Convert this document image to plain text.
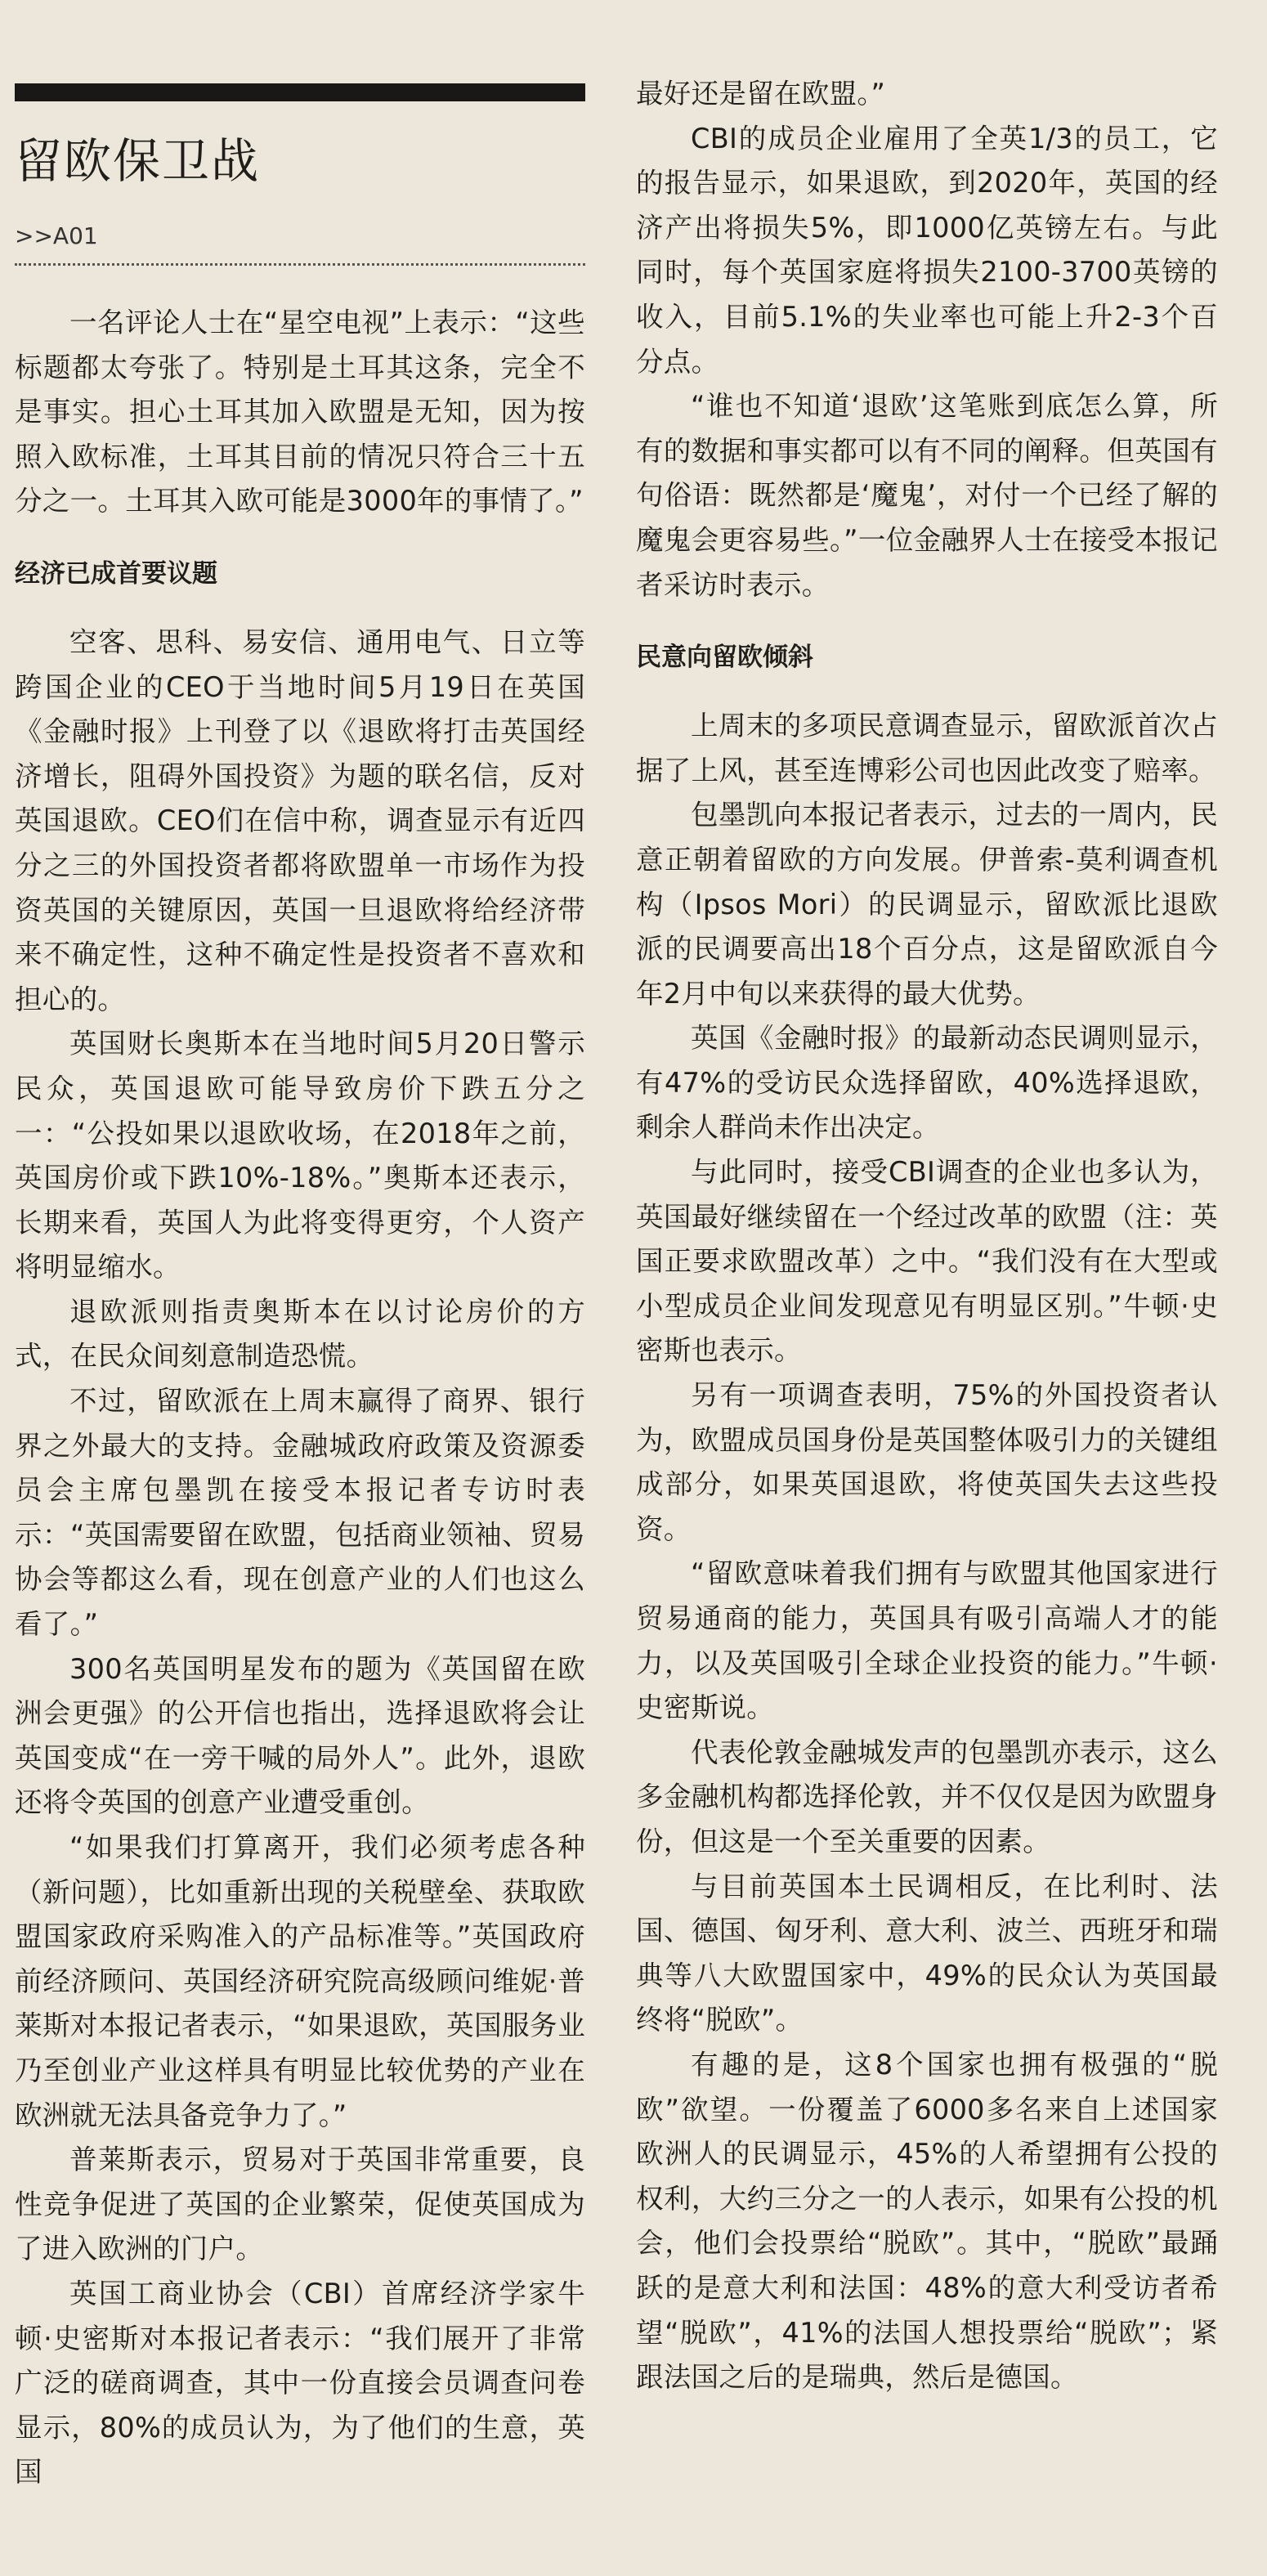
留欧保卫战
>>A01

一名评论人士在“星空电视”上表示：“这些标题都太夸张了。特别是土耳其这条，完全不是事实。担心土耳其加入欧盟是无知，因为按照入欧标准，土耳其目前的情况只符合三十五分之一。土耳其入欧可能是3000年的事情了。”

经济已成首要议题

空客、思科、易安信、通用电气、日立等跨国企业的CEO于当地时间5月19日在英国《金融时报》上刊登了以《退欧将打击英国经济增长，阻碍外国投资》为题的联名信，反对英国退欧。CEO们在信中称，调查显示有近四分之三的外国投资者都将欧盟单一市场作为投资英国的关键原因，英国一旦退欧将给经济带来不确定性，这种不确定性是投资者不喜欢和担心的。

英国财长奥斯本在当地时间5月20日警示民众，英国退欧可能导致房价下跌五分之一：“公投如果以退欧收场，在2018年之前，英国房价或下跌10%-18%。”奥斯本还表示，长期来看，英国人为此将变得更穷，个人资产将明显缩水。

退欧派则指责奥斯本在以讨论房价的方式，在民众间刻意制造恐慌。

不过，留欧派在上周末赢得了商界、银行界之外最大的支持。金融城政府政策及资源委员会主席包墨凯在接受本报记者专访时表示：“英国需要留在欧盟，包括商业领袖、贸易协会等都这么看，现在创意产业的人们也这么看了。”

300名英国明星发布的题为《英国留在欧洲会更强》的公开信也指出，选择退欧将会让英国变成“在一旁干喊的局外人”。此外，退欧还将令英国的创意产业遭受重创。

“如果我们打算离开，我们必须考虑各种（新问题），比如重新出现的关税壁垒、获取欧盟国家政府采购准入的产品标准等。”英国政府前经济顾问、英国经济研究院高级顾问维妮·普莱斯对本报记者表示，“如果退欧，英国服务业乃至创业产业这样具有明显比较优势的产业在欧洲就无法具备竞争力了。”

普莱斯表示，贸易对于英国非常重要，良性竞争促进了英国的企业繁荣，促使英国成为了进入欧洲的门户。

英国工商业协会（CBI）首席经济学家牛顿·史密斯对本报记者表示：“我们展开了非常广泛的磋商调查，其中一份直接会员调查问卷显示，80%的成员认为，为了他们的生意，英国

最好还是留在欧盟。”

CBI的成员企业雇用了全英1/3的员工，它的报告显示，如果退欧，到2020年，英国的经济产出将损失5%，即1000亿英镑左右。与此同时，每个英国家庭将损失2100-3700英镑的收入，目前5.1%的失业率也可能上升2-3个百分点。

“谁也不知道‘退欧’这笔账到底怎么算，所有的数据和事实都可以有不同的阐释。但英国有句俗语：既然都是‘魔鬼’，对付一个已经了解的魔鬼会更容易些。”一位金融界人士在接受本报记者采访时表示。

民意向留欧倾斜

上周末的多项民意调查显示，留欧派首次占据了上风，甚至连博彩公司也因此改变了赔率。

包墨凯向本报记者表示，过去的一周内，民意正朝着留欧的方向发展。伊普索-莫利调查机构（Ipsos Mori）的民调显示，留欧派比退欧派的民调要高出18个百分点，这是留欧派自今年2月中旬以来获得的最大优势。

英国《金融时报》的最新动态民调则显示，有47%的受访民众选择留欧，40%选择退欧，剩余人群尚未作出决定。

与此同时，接受CBI调查的企业也多认为，英国最好继续留在一个经过改革的欧盟（注：英国正要求欧盟改革）之中。“我们没有在大型或小型成员企业间发现意见有明显区别。”牛顿·史密斯也表示。

另有一项调查表明，75%的外国投资者认为，欧盟成员国身份是英国整体吸引力的关键组成部分，如果英国退欧，将使英国失去这些投资。

“留欧意味着我们拥有与欧盟其他国家进行贸易通商的能力，英国具有吸引高端人才的能力，以及英国吸引全球企业投资的能力。”牛顿·史密斯说。

代表伦敦金融城发声的包墨凯亦表示，这么多金融机构都选择伦敦，并不仅仅是因为欧盟身份，但这是一个至关重要的因素。

与目前英国本土民调相反，在比利时、法国、德国、匈牙利、意大利、波兰、西班牙和瑞典等八大欧盟国家中，49%的民众认为英国最终将“脱欧”。

有趣的是，这8个国家也拥有极强的“脱欧”欲望。一份覆盖了6000多名来自上述国家欧洲人的民调显示，45%的人希望拥有公投的权利，大约三分之一的人表示，如果有公投的机会，他们会投票给“脱欧”。其中，“脱欧”最踊跃的是意大利和法国：48%的意大利受访者希望“脱欧”，41%的法国人想投票给“脱欧”；紧跟法国之后的是瑞典，然后是德国。
